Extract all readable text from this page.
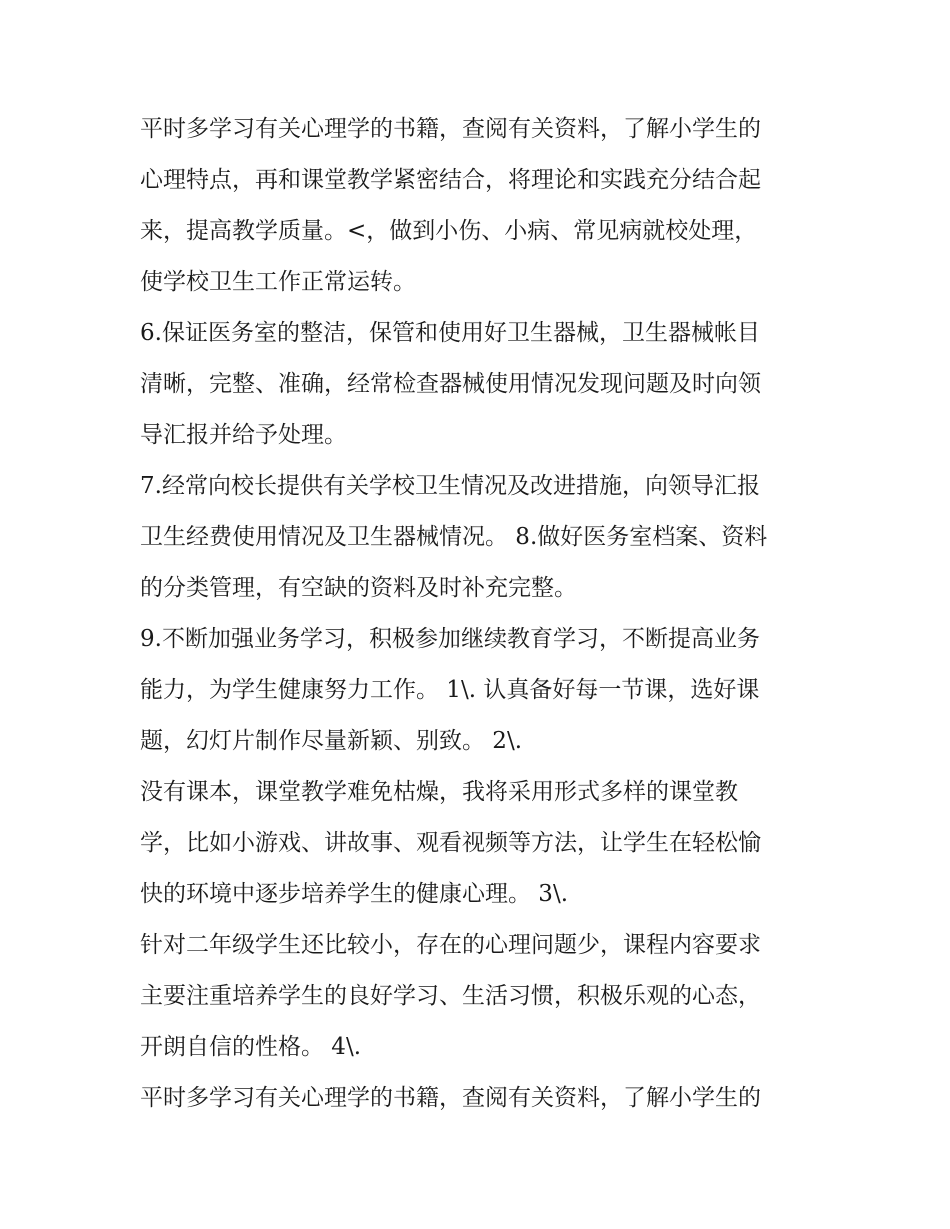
平时多学习有关心理学的书籍，查阅有关资料，了解小学生的
心理特点，再和课堂教学紧密结合，将理论和实践充分结合起
来，提高教学质量。<，做到小伤、小病、常见病就校处理，
使学校卫生工作正常运转。
6.保证医务室的整洁，保管和使用好卫生器械，卫生器械帐目
清晰，完整、准确，经常检查器械使用情况发现问题及时向领
导汇报并给予处理。
7.经常向校长提供有关学校卫生情况及改进措施，向领导汇报
卫生经费使用情况及卫生器械情况。 8.做好医务室档案、资料
的分类管理，有空缺的资料及时补充完整。
9.不断加强业务学习，积极参加继续教育学习，不断提高业务
能力，为学生健康努力工作。 1\. 认真备好每一节课，选好课
题，幻灯片制作尽量新颖、别致。 2\.
没有课本，课堂教学难免枯燥，我将采用形式多样的课堂教
学，比如小游戏、讲故事、观看视频等方法，让学生在轻松愉
快的环境中逐步培养学生的健康心理。 3\.
针对二年级学生还比较小，存在的心理问题少，课程内容要求
主要注重培养学生的良好学习、生活习惯，积极乐观的心态，
开朗自信的性格。 4\.
平时多学习有关心理学的书籍，查阅有关资料，了解小学生的
